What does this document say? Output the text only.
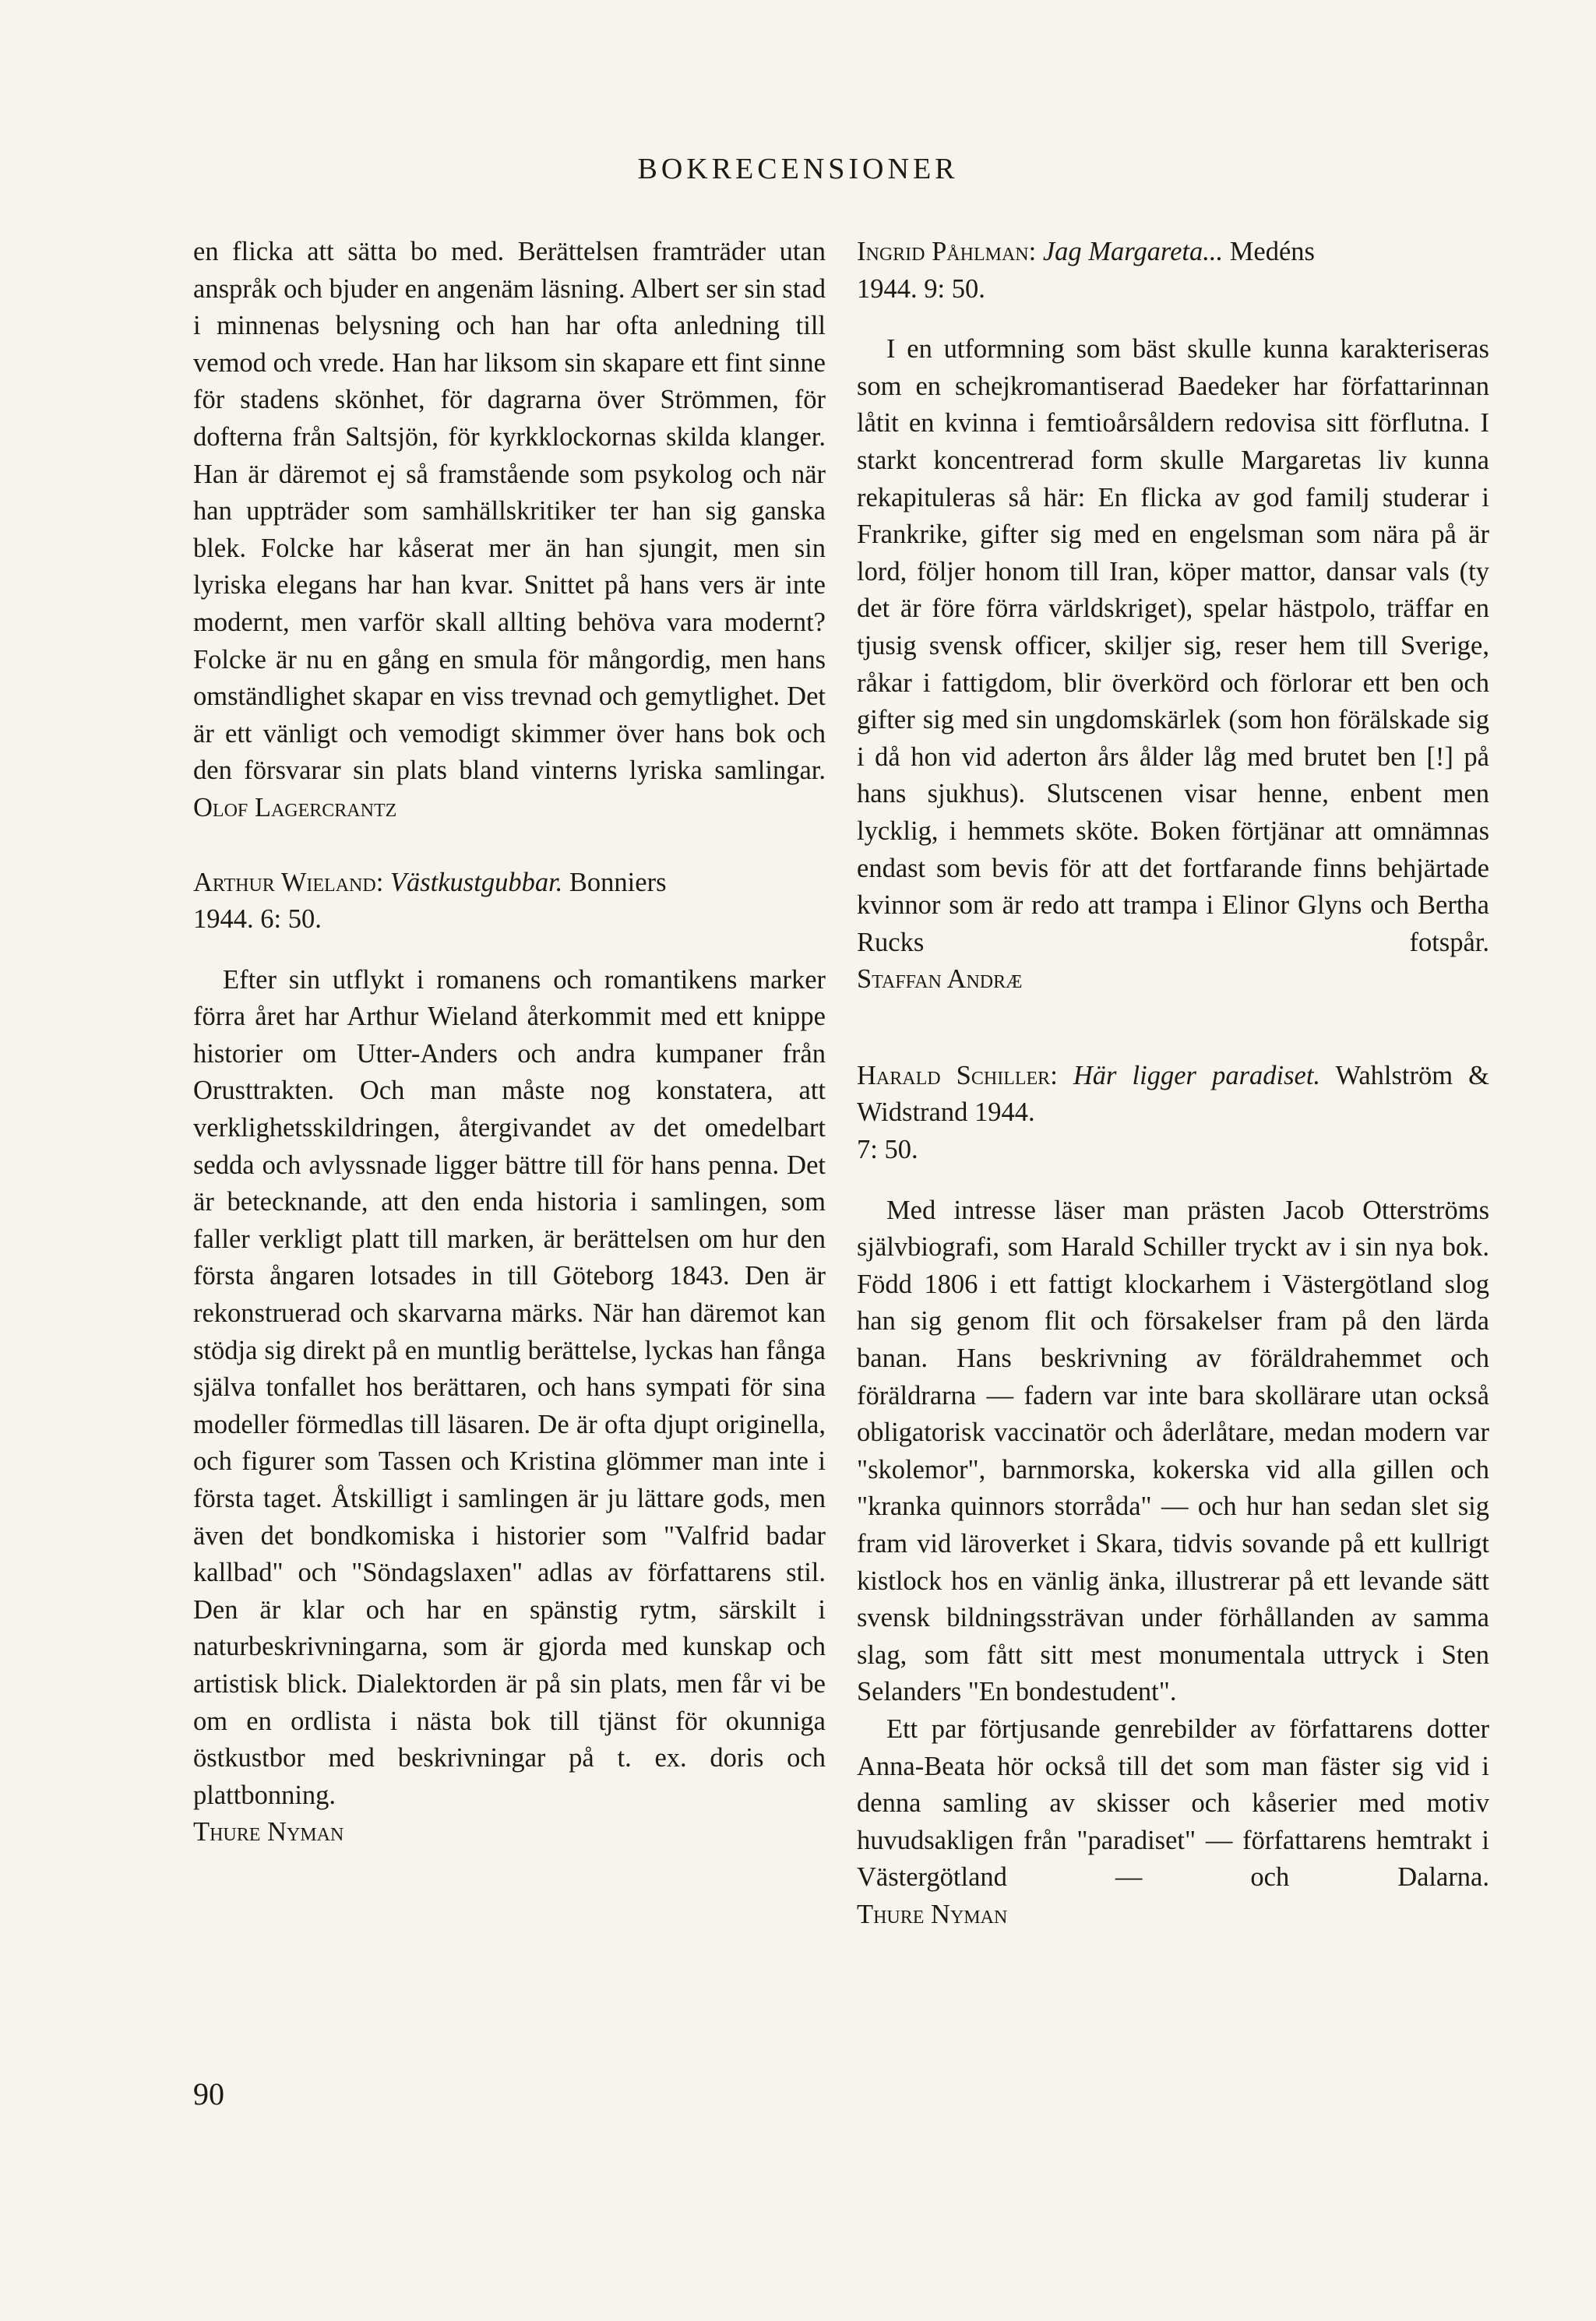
BOKRECENSIONER

en flicka att sätta bo med. Berättelsen framträder utan anspråk och bjuder en angenäm läsning. Albert ser sin stad i minnenas belysning och han har ofta anledning till vemod och vrede. Han har liksom sin skapare ett fint sinne för stadens skönhet, för dagrarna över Strömmen, för dofterna från Saltsjön, för kyrkklockornas skilda klanger. Han är däremot ej så framstående som psykolog och när han uppträder som samhällskritiker ter han sig ganska blek. Folcke har kåserat mer än han sjungit, men sin lyriska elegans har han kvar. Snittet på hans vers är inte modernt, men varför skall allting behöva vara modernt? Folcke är nu en gång en smula för mångordig, men hans omständlighet skapar en viss trevnad och gemytlighet. Det är ett vänligt och vemodigt skimmer över hans bok och den försvarar sin plats bland vinterns lyriska samlingar.

Olof Lagercrantz

Arthur Wieland: Västkustgubbar. Bonniers
1944. 6: 50.

Efter sin utflykt i romanens och romantikens marker förra året har Arthur Wieland återkommit med ett knippe historier om Utter-Anders och andra kumpaner från Orusttrakten. Och man måste nog konstatera, att verklighetsskildringen, återgivandet av det omedelbart sedda och avlyssnade ligger bättre till för hans penna. Det är betecknande, att den enda historia i samlingen, som faller verkligt platt till marken, är berättelsen om hur den första ångaren lotsades in till Göteborg 1843. Den är rekonstruerad och skarvarna märks. När han däremot kan stödja sig direkt på en muntlig berättelse, lyckas han fånga själva tonfallet hos berättaren, och hans sympati för sina modeller förmedlas till läsaren. De är ofta djupt originella, och figurer som Tassen och Kristina glömmer man inte i första taget. Åtskilligt i samlingen är ju lättare gods, men även det bondkomiska i historier som "Valfrid badar kallbad" och "Söndagslaxen" adlas av författarens stil. Den är klar och har en spänstig rytm, särskilt i naturbeskrivningarna, som är gjorda med kunskap och artistisk blick. Dialektorden är på sin plats, men får vi be om en ordlista i nästa bok till tjänst för okunniga östkustbor med beskrivningar på t. ex. doris och plattbonning.

Thure Nyman

Ingrid Påhlman: Jag Margareta... Medéns
1944. 9: 50.

I en utformning som bäst skulle kunna karakteriseras som en schejkromantiserad Baedeker har författarinnan låtit en kvinna i femtioårsåldern redovisa sitt förflutna. I starkt koncentrerad form skulle Margaretas liv kunna rekapituleras så här: En flicka av god familj studerar i Frankrike, gifter sig med en engelsman som nära på är lord, följer honom till Iran, köper mattor, dansar vals (ty det är före förra världskriget), spelar hästpolo, träffar en tjusig svensk officer, skiljer sig, reser hem till Sverige, råkar i fattigdom, blir överkörd och förlorar ett ben och gifter sig med sin ungdomskärlek (som hon förälskade sig i då hon vid aderton års ålder låg med brutet ben [!] på hans sjukhus). Slutscenen visar henne, enbent men lycklig, i hemmets sköte. Boken förtjänar att omnämnas endast som bevis för att det fortfarande finns behjärtade kvinnor som är redo att trampa i Elinor Glyns och Bertha Rucks fotspår.

Staffan Andræ

Harald Schiller: Här ligger paradiset. Wahlström & Widstrand 1944.
7: 50.

Med intresse läser man prästen Jacob Otterströms självbiografi, som Harald Schiller tryckt av i sin nya bok. Född 1806 i ett fattigt klockarhem i Västergötland slog han sig genom flit och försakelser fram på den lärda banan. Hans beskrivning av föräldrahemmet och föräldrarna — fadern var inte bara skollärare utan också obligatorisk vaccinatör och åderlåtare, medan modern var "skolemor", barnmorska, kokerska vid alla gillen och "kranka quinnors storråda" — och hur han sedan slet sig fram vid läroverket i Skara, tidvis sovande på ett kullrigt kistlock hos en vänlig änka, illustrerar på ett levande sätt svensk bildningssträvan under förhållanden av samma slag, som fått sitt mest monumentala uttryck i Sten Selanders "En bondestudent".

Ett par förtjusande genrebilder av författarens dotter Anna-Beata hör också till det som man fäster sig vid i denna samling av skisser och kåserier med motiv huvudsakligen från "paradiset" — författarens hemtrakt i Västergötland — och Dalarna.

Thure Nyman

90
